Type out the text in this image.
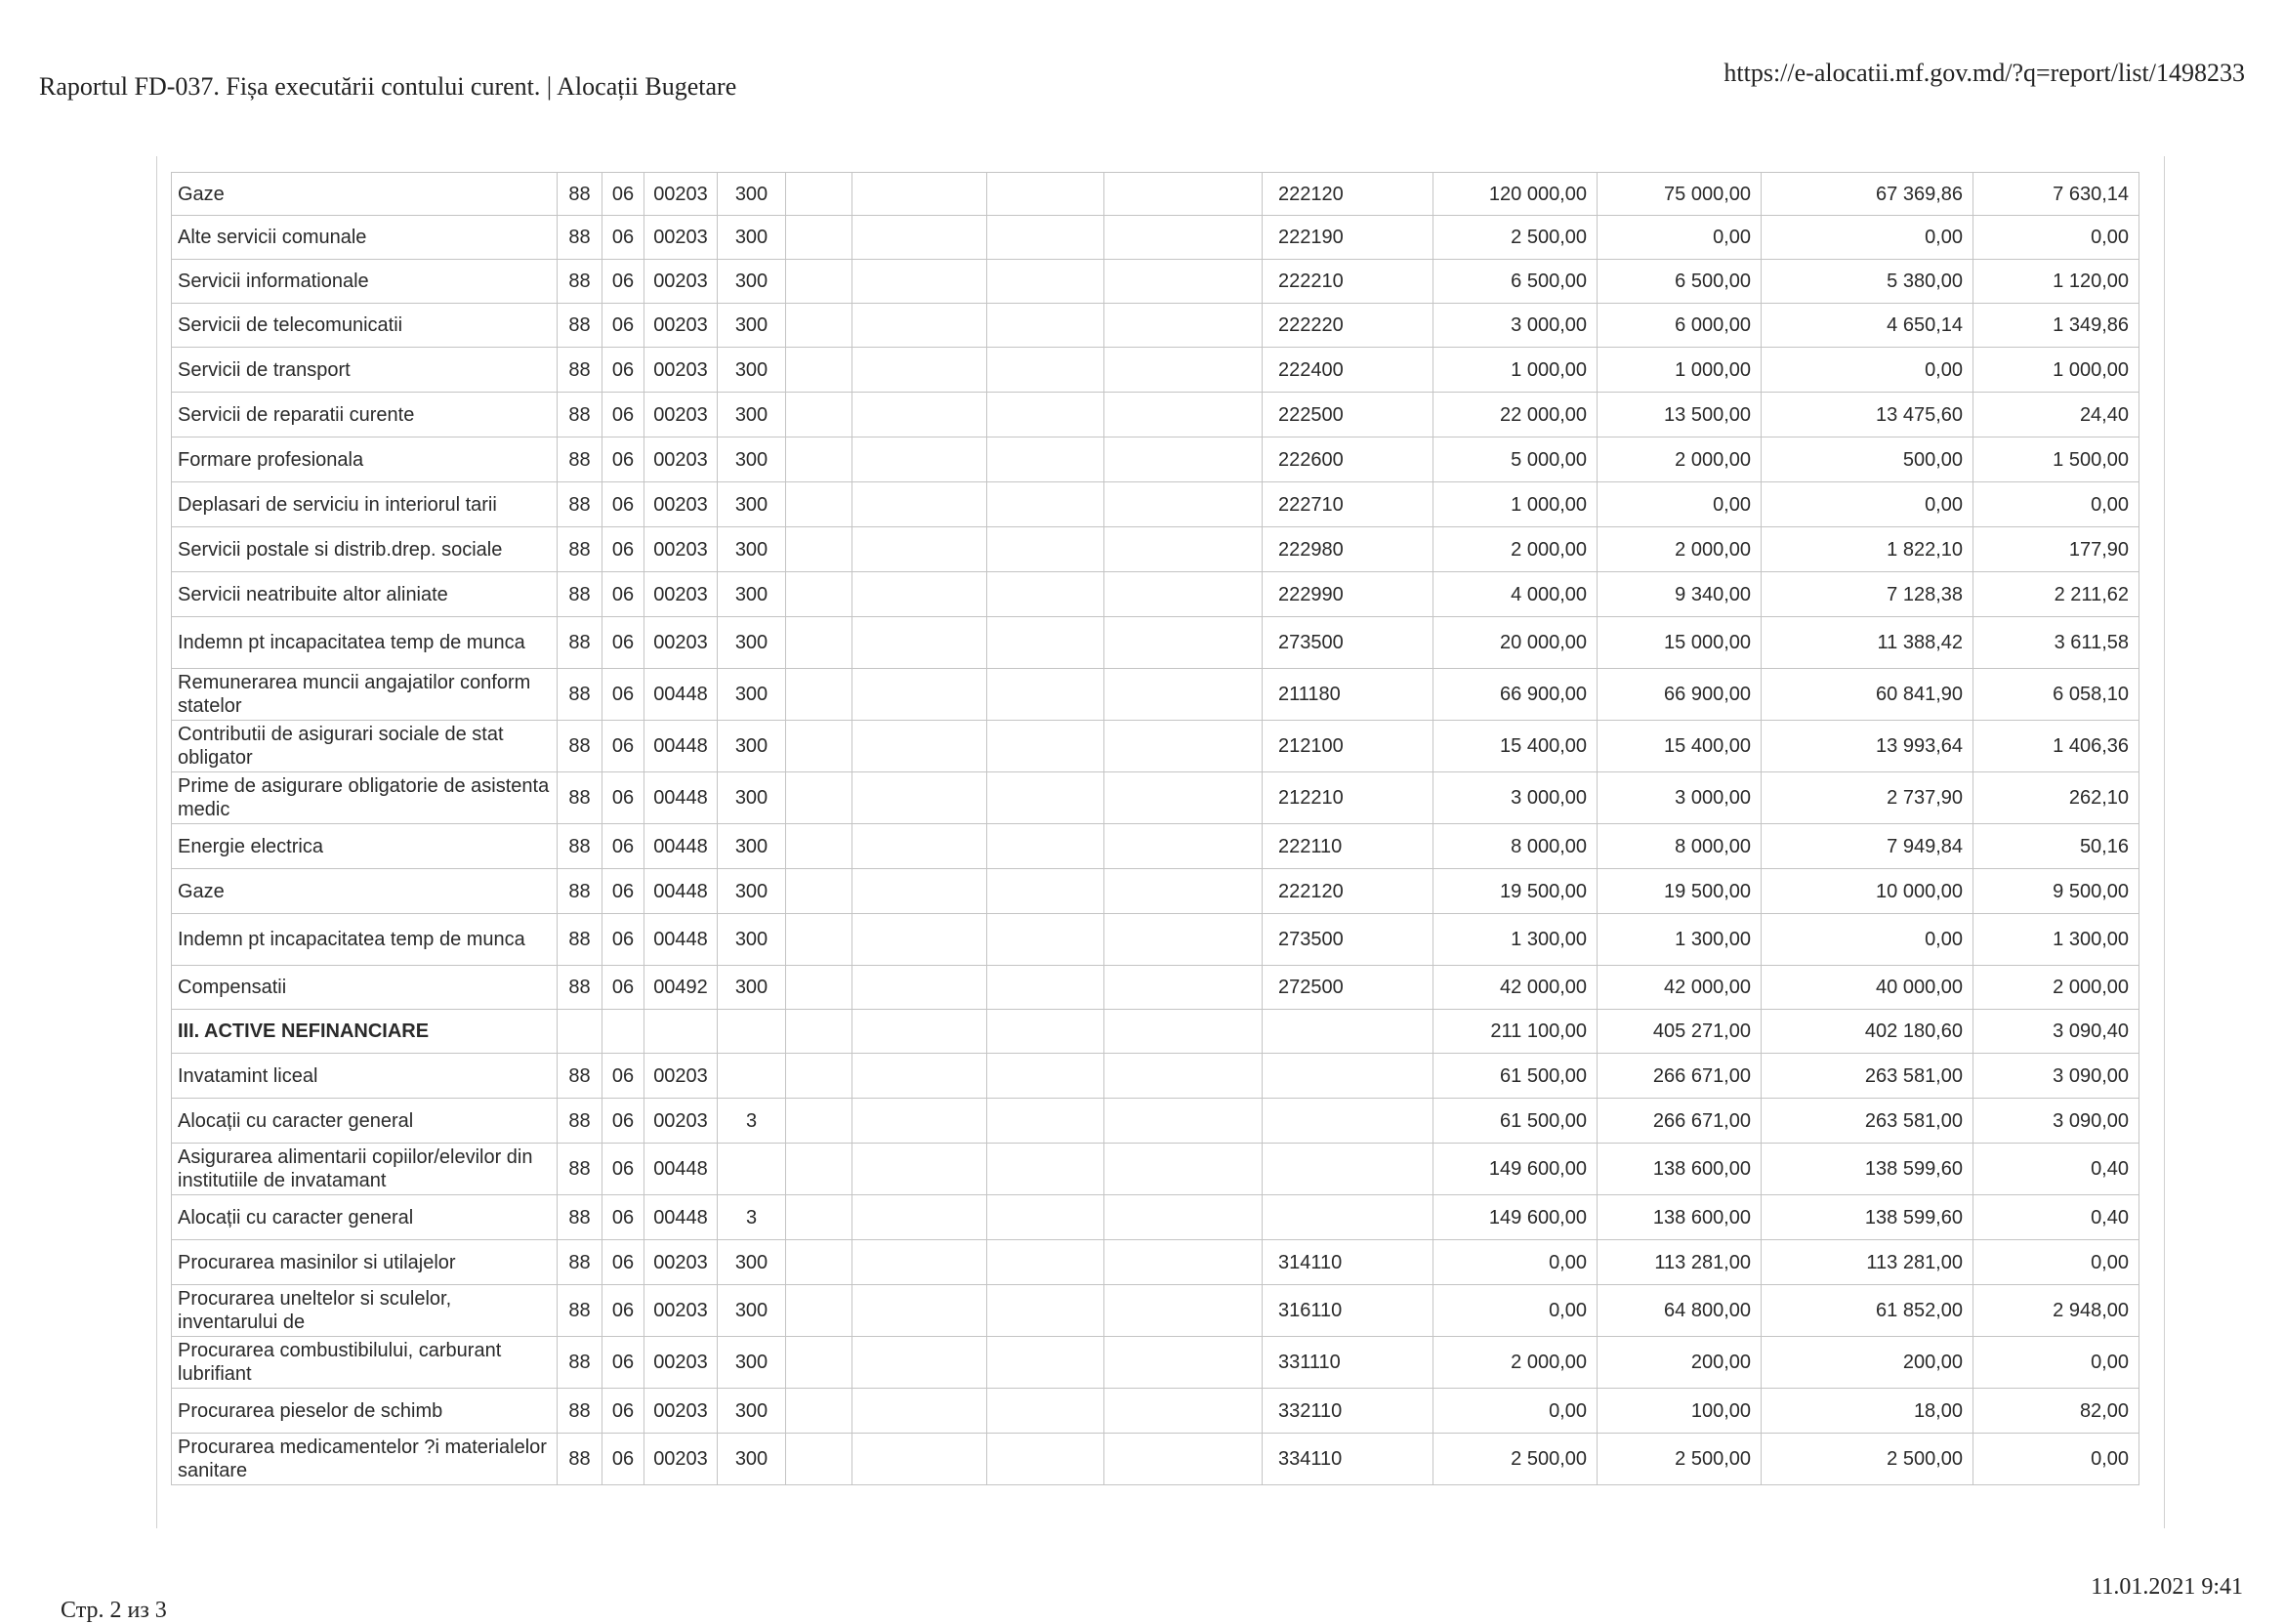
Raportul FD-037. Fișa executării contului curent. | Alocații Bugetare	https://e-alocatii.mf.gov.md/?q=report/list/1498233
Gaze	88	06	00203	300					222120	120 000,00	75 000,00	67 369,86	7 630,14
Alte servicii comunale	88	06	00203	300					222190	2 500,00	0,00	0,00	0,00
Servicii informationale	88	06	00203	300					222210	6 500,00	6 500,00	5 380,00	1 120,00
Servicii de telecomunicatii	88	06	00203	300					222220	3 000,00	6 000,00	4 650,14	1 349,86
Servicii de transport	88	06	00203	300					222400	1 000,00	1 000,00	0,00	1 000,00
Servicii de reparatii curente	88	06	00203	300					222500	22 000,00	13 500,00	13 475,60	24,40
Formare profesionala	88	06	00203	300					222600	5 000,00	2 000,00	500,00	1 500,00
Deplasari de serviciu in interiorul tarii	88	06	00203	300					222710	1 000,00	0,00	0,00	0,00
Servicii postale si distrib.drep. sociale	88	06	00203	300					222980	2 000,00	2 000,00	1 822,10	177,90
Servicii neatribuite altor aliniate	88	06	00203	300					222990	4 000,00	9 340,00	7 128,38	2 211,62
Indemn pt incapacitatea temp de munca	88	06	00203	300					273500	20 000,00	15 000,00	11 388,42	3 611,58
Remunerarea muncii angajatilor conform statelor	88	06	00448	300					211180	66 900,00	66 900,00	60 841,90	6 058,10
Contributii de asigurari sociale de stat obligator	88	06	00448	300					212100	15 400,00	15 400,00	13 993,64	1 406,36
Prime de asigurare obligatorie de asistenta medic	88	06	00448	300					212210	3 000,00	3 000,00	2 737,90	262,10
Energie electrica	88	06	00448	300					222110	8 000,00	8 000,00	7 949,84	50,16
Gaze	88	06	00448	300					222120	19 500,00	19 500,00	10 000,00	9 500,00
Indemn pt incapacitatea temp de munca	88	06	00448	300					273500	1 300,00	1 300,00	0,00	1 300,00
Compensatii	88	06	00492	300					272500	42 000,00	42 000,00	40 000,00	2 000,00
III. ACTIVE NEFINANCIARE										211 100,00	405 271,00	402 180,60	3 090,40
Invatamint liceal	88	06	00203							61 500,00	266 671,00	263 581,00	3 090,00
Alocații cu caracter general	88	06	00203	3						61 500,00	266 671,00	263 581,00	3 090,00
Asigurarea alimentarii copiilor/elevilor din institutiile de invatamant	88	06	00448							149 600,00	138 600,00	138 599,60	0,40
Alocații cu caracter general	88	06	00448	3						149 600,00	138 600,00	138 599,60	0,40
Procurarea masinilor si utilajelor	88	06	00203	300					314110	0,00	113 281,00	113 281,00	0,00
Procurarea uneltelor si sculelor, inventarului de	88	06	00203	300					316110	0,00	64 800,00	61 852,00	2 948,00
Procurarea combustibilului, carburant lubrifiant	88	06	00203	300					331110	2 000,00	200,00	200,00	0,00
Procurarea pieselor de schimb	88	06	00203	300					332110	0,00	100,00	18,00	82,00
Procurarea medicamentelor ?i materialelor sanitare	88	06	00203	300					334110	2 500,00	2 500,00	2 500,00	0,00
Стр. 2 из 3
11.01.2021 9:41
